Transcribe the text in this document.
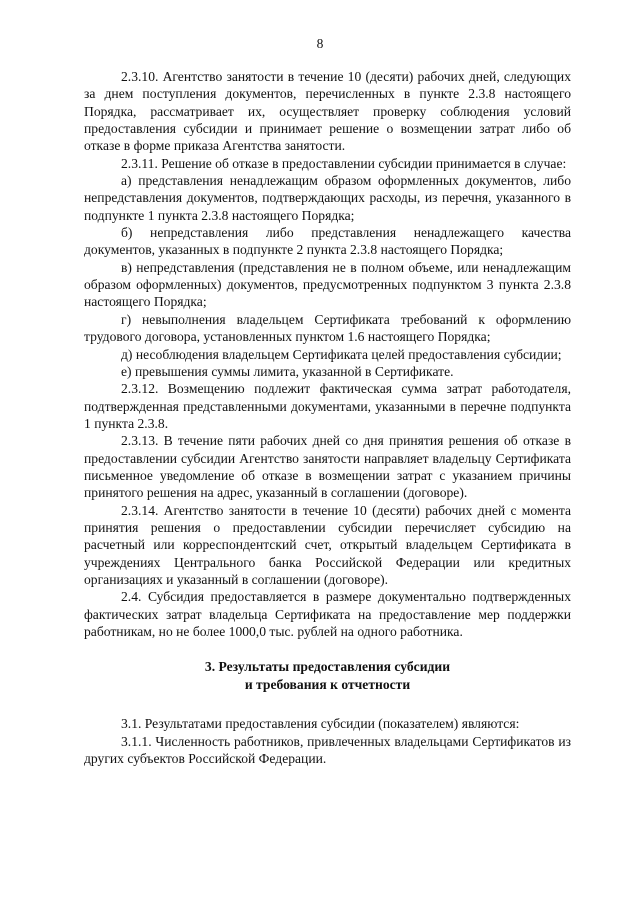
8

2.3.10. Агентство занятости в течение 10 (десяти) рабочих дней, следующих за днем поступления документов, перечисленных в пункте 2.3.8 настоящего Порядка, рассматривает их, осуществляет проверку соблюдения условий предоставления субсидии и принимает решение о возмещении затрат либо об отказе в форме приказа Агентства занятости.

2.3.11. Решение об отказе в предоставлении субсидии принимается в случае:

а) представления ненадлежащим образом оформленных документов, либо непредставления документов, подтверждающих расходы, из перечня, указанного в подпункте 1 пункта 2.3.8 настоящего Порядка;

б) непредставления либо представления ненадлежащего качества документов, указанных в подпункте 2 пункта 2.3.8 настоящего Порядка;

в) непредставления (представления не в полном объеме, или ненадлежащим образом оформленных) документов, предусмотренных подпунктом 3 пункта 2.3.8 настоящего Порядка;

г) невыполнения владельцем Сертификата требований к оформлению трудового договора, установленных пунктом 1.6 настоящего Порядка;

д) несоблюдения владельцем Сертификата целей предоставления субсидии;

е) превышения суммы лимита, указанной в Сертификате.

2.3.12. Возмещению подлежит фактическая сумма затрат работодателя, подтвержденная представленными документами, указанными в перечне подпункта 1 пункта 2.3.8.

2.3.13. В течение пяти рабочих дней со дня принятия решения об отказе в предоставлении субсидии Агентство занятости направляет владельцу Сертификата письменное уведомление об отказе в возмещении затрат с указанием причины принятого решения на адрес, указанный в соглашении (договоре).

2.3.14. Агентство занятости в течение 10 (десяти) рабочих дней с момента принятия решения о предоставлении субсидии перечисляет субсидию на расчетный или корреспондентский счет, открытый владельцем Сертификата в учреждениях Центрального банка Российской Федерации или кредитных организациях и указанный в соглашении (договоре).

2.4. Субсидия предоставляется в размере документально подтвержденных фактических затрат владельца Сертификата на предоставление мер поддержки работникам, но не более 1000,0 тыс. рублей на одного работника.

3. Результаты предоставления субсидии
и требования к отчетности

3.1. Результатами предоставления субсидии (показателем) являются:

3.1.1. Численность работников, привлеченных владельцами Сертификатов из других субъектов Российской Федерации.
